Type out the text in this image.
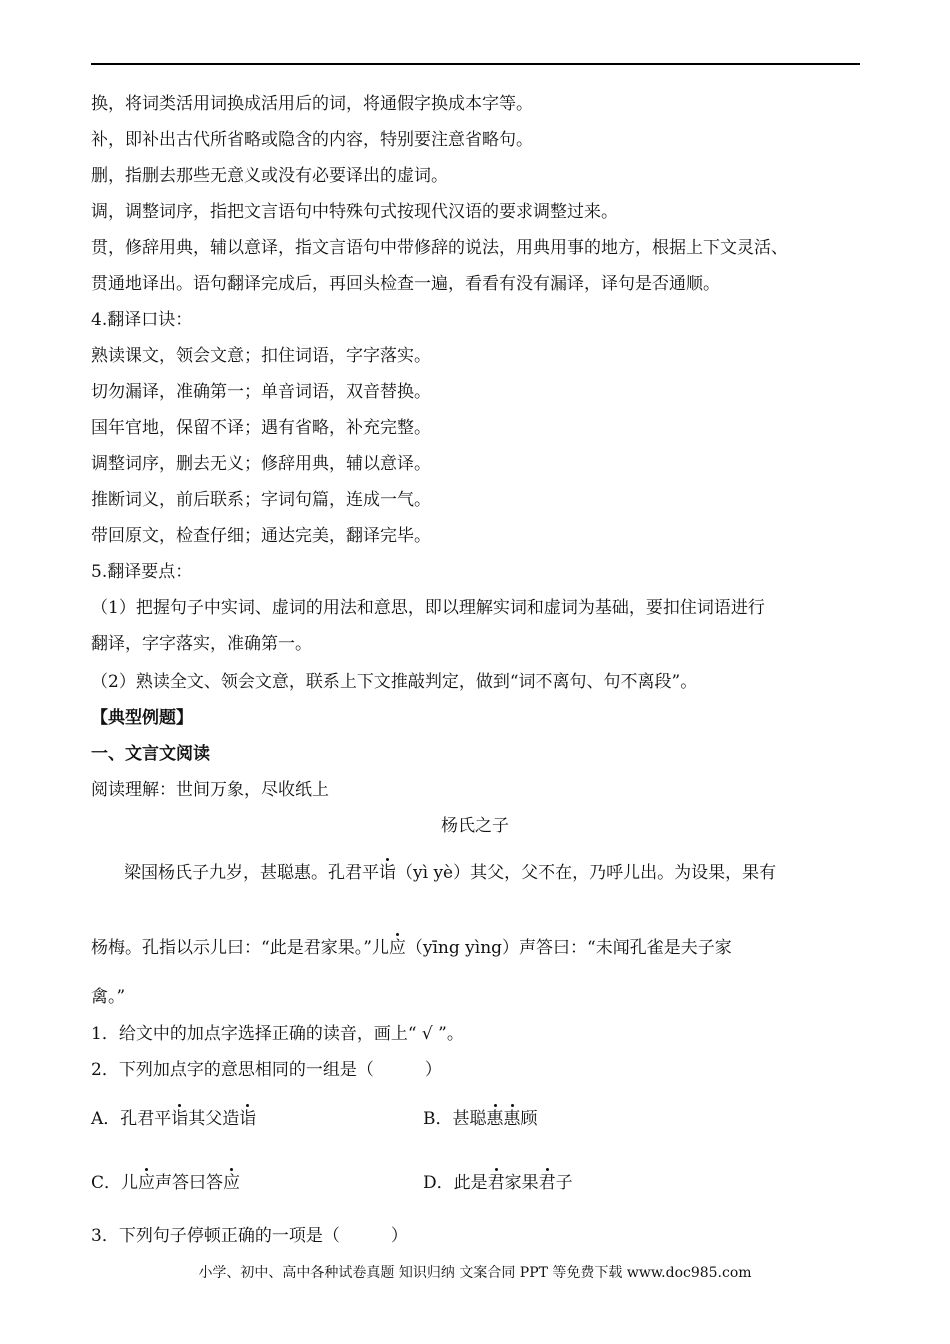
换，将词类活用词换成活用后的词，将通假字换成本字等。
补，即补出古代所省略或隐含的内容，特别要注意省略句。
删，指删去那些无意义或没有必要译出的虚词。
调，调整词序，指把文言语句中特殊句式按现代汉语的要求调整过来。
贯，修辞用典，辅以意译，指文言语句中带修辞的说法，用典用事的地方，根据上下文灵活、
贯通地译出。语句翻译完成后，再回头检查一遍，看看有没有漏译，译句是否通顺。
4.翻译口诀：
熟读课文，领会文意；扣住词语，字字落实。
切勿漏译，准确第一；单音词语，双音替换。
国年官地，保留不译；遇有省略，补充完整。
调整词序，删去无义；修辞用典，辅以意译。
推断词义，前后联系；字词句篇，连成一气。
带回原文，检查仔细；通达完美，翻译完毕。
5.翻译要点：
（1）把握句子中实词、虚词的用法和意思，即以理解实词和虚词为基础，要扣住词语进行
翻译，字字落实，准确第一。
（2）熟读全文、领会文意，联系上下文推敲判定，做到“词不离句、句不离段”。
【典型例题】
一、文言文阅读
阅读理解：世间万象，尽收纸上
杨氏之子
梁国杨氏子九岁，甚聪惠。孔君平诣（yì yè）其父，父不在，乃呼儿出。为设果，果有
杨梅。孔指以示儿曰：“此是君家果。”儿应（yīng yìng）声答曰：“未闻孔雀是夫子家
禽。”
1．给文中的加点字选择正确的读音，画上“ √ ”。
2．下列加点字的意思相同的一组是（　　　）
A．孔君平诣其父造诣	B．甚聪惠惠顾
C．儿应声答曰答应	D．此是君家果君子
3．下列句子停顿正确的一项是（　　　）
小学、初中、高中各种试卷真题 知识归纳 文案合同 PPT 等免费下载 www.doc985.com
